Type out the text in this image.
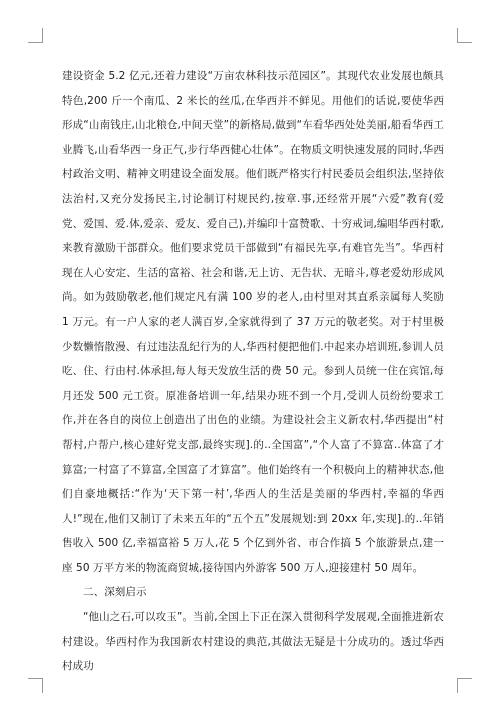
建设资金 5.2 亿元,还着力建设“万亩农林科技示范园区”。其现代农业发展也颇具特色,200 斤一个南瓜、2 米长的丝瓜,在华西并不鲜见。用他们的话说,要使华西形成“山南钱庄,山北粮仓,中间天堂”的新格局,做到“车看华西处处美丽,船看华西工业腾飞,山看华西一身正气,步行华西健心壮体”。在物质文明快速发展的同时,华西村政治文明、精神文明建设全面发展。他们既严格实行村民委员会组织法,坚持依法治村,又充分发扬民主,讨论制订村规民约,按章.事,还经常开展“六爱”教育(爱党、爱国、爱.体,爱亲、爱友、爱自己),并编印十富赞歌、十穷戒词,编唱华西村歌,来教育激励干部群众。他们要求党员干部做到“有福民先享,有难官先当”。华西村现在人心安定、生活的富裕、社会和谐,无上访、无告状、无暗斗,尊老爱幼形成风尚。如为鼓励敬老,他们规定凡有满 100 岁的老人,由村里对其直系亲属每人奖励 1 万元。有一户人家的老人满百岁,全家就得到了 37 万元的敬老奖。对于村里极少数懒惰散漫、有过违法乱纪行为的人,华西村便把他们.中起来办培训班,参训人员吃、住、行由村.体承担,每人每天发放生活的费 50 元。参到人员统一住在宾馆,每月还发 500 元工资。原准备培训一年,结果办班不到一个月,受训人员纷纷要求工作,并在各自的岗位上创造出了出色的业绩。为建设社会主义新农村,华西提出“村帮村,户帮户,核心建好党支部,最终实现].的..全国富”,“个人富了不算富..体富了才算富;一村富了不算富,全国富了才算富”。他们始终有一个积极向上的精神状态,他们自豪地概括:“作为‘天下第一村’,华西人的生活是美丽的华西村,幸福的华西人!”现在,他们又制订了未来五年的“五个五”发展规划:到 20xx 年,实现].的..年销售收入 500 亿,幸福富裕 5 万人,花 5 个亿到外省、市合作搞 5 个旅游景点,建一座 50 万平方米的物流商贸城,接待国内外游客 500 万人,迎接建村 50 周年。

二、深刻启示

“他山之石,可以攻玉”。当前,全国上下正在深入贯彻科学发展观,全面推进新农村建设。华西村作为我国新农村建设的典范,其做法无疑是十分成功的。透过华西村成功
